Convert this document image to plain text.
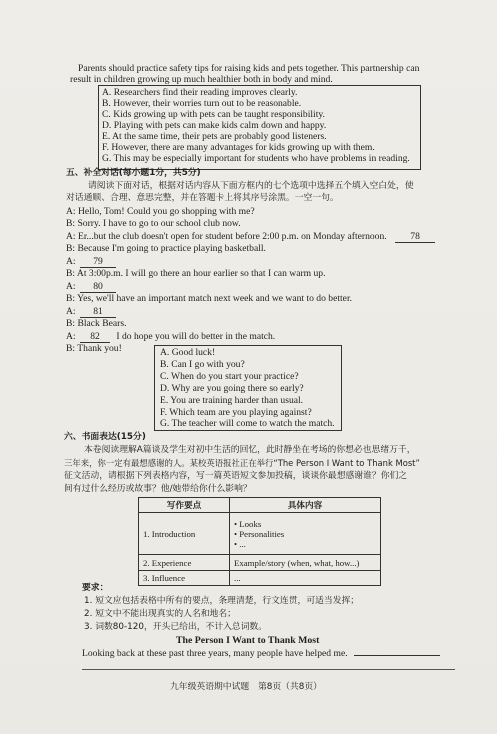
Parents should practice safety tips for raising kids and pets together. This partnership can
result in children growing up much healthier both in body and mind.
A. Researchers find their reading improves clearly.
B. However, their worries turn out to be reasonable.
C. Kids growing up with pets can be taught responsibility.
D. Playing with pets can make kids calm down and happy.
E. At the same time, their pets are probably good listeners.
F. However, there are many advantages for kids growing up with them.
G. This may be especially important for students who have problems in reading.
五、补全对话(每小题1分，共5分)
请阅读下面对话，根据对话内容从下面方框内的七个选项中选择五个填入空白处，使
对话通顺、合理、意思完整，并在答题卡上将其序号涂黑。一空一句。
A: Hello, Tom! Could you go shopping with me?
B: Sorry. I have to go to our school club now.
A: Er...but the club doesn't open for student before 2:00 p.m. on Monday afternoon. 78
B: Because I'm going to practice playing basketball.
A: 79
B: At 3:00p.m. I will go there an hour earlier so that I can warm up.
A: 80
B: Yes, we'll have an important match next week and we want to do better.
A: 81
B: Black Bears.
A: 82 I do hope you will do better in the match.
B: Thank you!	A. Good luck!
B. Can I go with you?
C. When do you start your practice?
D. Why are you going there so early?
E. You are training harder than usual.
F. Which team are you playing against?
G. The teacher will come to watch the match.
六、书面表达(15分)
本卷阅读理解A篇谈及学生对初中生活的回忆，此时静坐在考场的你想必也思绪万千，
三年来，你一定有最想感谢的人。某校英语报社正在举行“The Person I Want to Thank Most”
征文活动，请根据下列表格内容，写一篇英语短文参加投稿，谈谈你最想感谢谁？你们之
间有过什么经历或故事？他/她带给你什么影响？
写作要点	具体内容
1. Introduction	• Looks
• Personalities
• ...

2. Experience	Example/story (when, what, how...)
3. Influence	...
要求：
1. 短文应包括表格中所有的要点，条理清楚，行文连贯，可适当发挥；
2. 短文中不能出现真实的人名和地名；
3. 词数80-120，开头已给出，不计入总词数。
The Person I Want to Thank Most
Looking back at these past three years, many people have helped me.
九年级英语期中试题　第8页（共8页）
